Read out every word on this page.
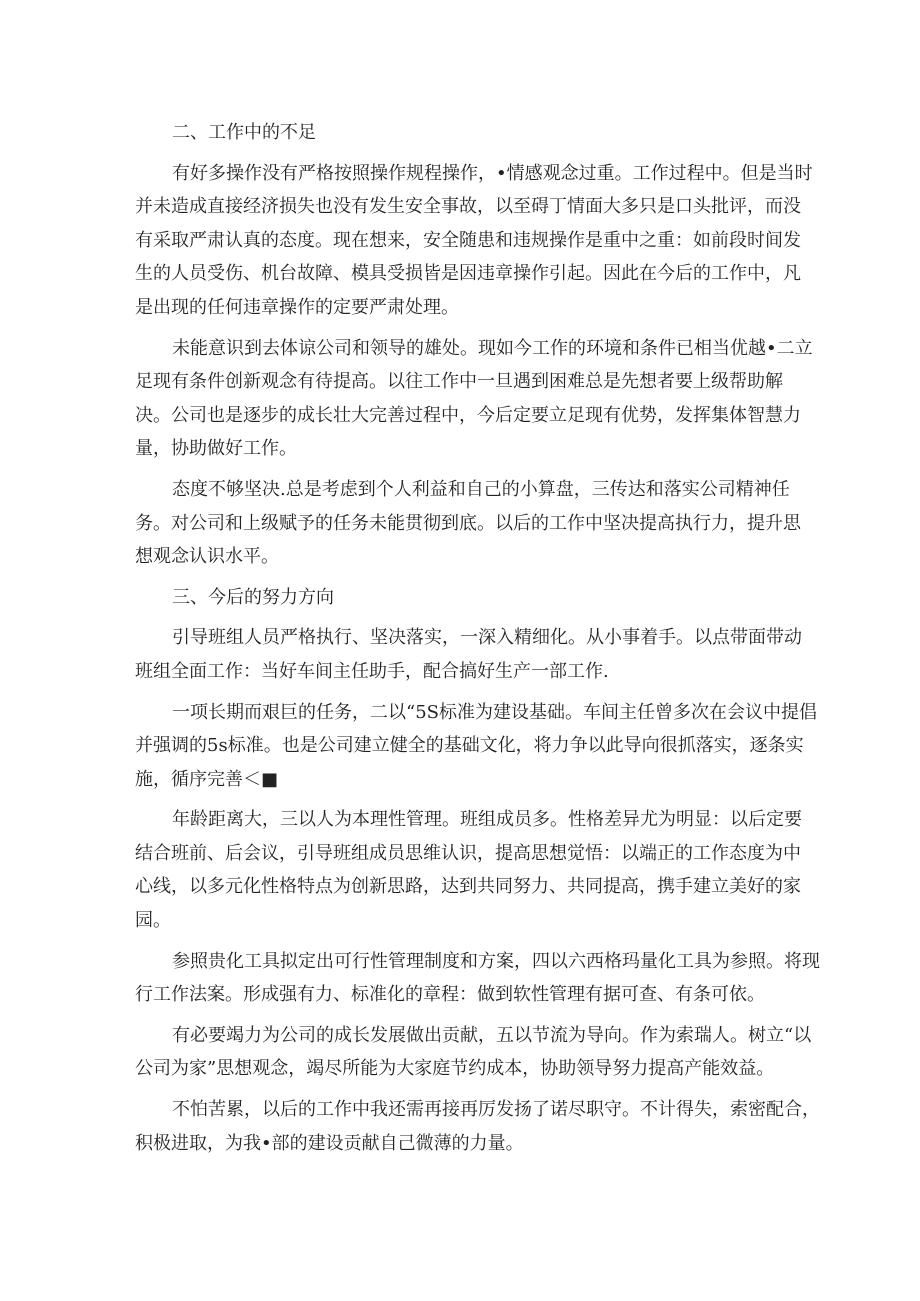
二、工作中的不足
有好多操作没有严格按照操作规程操作，•情感观念过重。工作过程中。但是当时
并未造成直接经济损失也没有发生安全事故，以至碍丁情面大多只是口头批评，而没
有采取严肃认真的态度。现在想来，安全随患和违规操作是重中之重：如前段时间发
生的人员受伤、机台故障、模具受损皆是因违章操作引起。因此在今后的工作中，凡
是出现的任何违章操作的定要严肃处理。
未能意识到去体谅公司和领导的雄处。现如今工作的环境和条件已相当优越•二立
足现有条件创新观念有待提高。以往工作中一旦遇到困难总是先想者要上级帮助解
决。公司也是逐步的成长壮大完善过程中，今后定要立足现有优势，发挥集体智慧力
量，协助做好工作。
态度不够坚决.总是考虑到个人利益和自己的小算盘，三传达和落实公司精神任
务。对公司和上级赋予的任务未能贯彻到底。以后的工作中坚决提高执行力，提升思
想观念认识水平。
三、今后的努力方向
引导班组人员严格执行、坚决落实，一深入精细化。从小事着手。以点带面带动
班组全面工作：当好车间主任助手，配合搞好生产一部工作.
一项长期而艰巨的任务，二以“5S标准为建设基础。车间主任曾多次在会议中提倡
并强调的5s标准。也是公司建立健全的基础文化，将力争以此导向很抓落实，逐条实
施，循序完善＜■
年龄距离大，三以人为本理性管理。班组成员多。性格差异尤为明显：以后定要
结合班前、后会议，引导班组成员思维认识，提高思想觉悟：以端正的工作态度为中
心线，以多元化性格特点为创新思路，达到共同努力、共同提高，携手建立美好的家
园。
参照贵化工具拟定出可行性管理制度和方案，四以六西格玛量化工具为参照。将现
行工作法案。形成强有力、标准化的章程：做到软性管理有据可查、有条可依。
有必要竭力为公司的成长发展做出贡献，五以节流为导向。作为索瑞人。树立“以
公司为家”思想观念，竭尽所能为大家庭节约成本，协助领导努力提高产能效益。
不怕苦累，以后的工作中我还需再接再厉发扬了诺尽职守。不计得失，索密配合，
积极进取，为我•部的建设贡献自己微薄的力量。
